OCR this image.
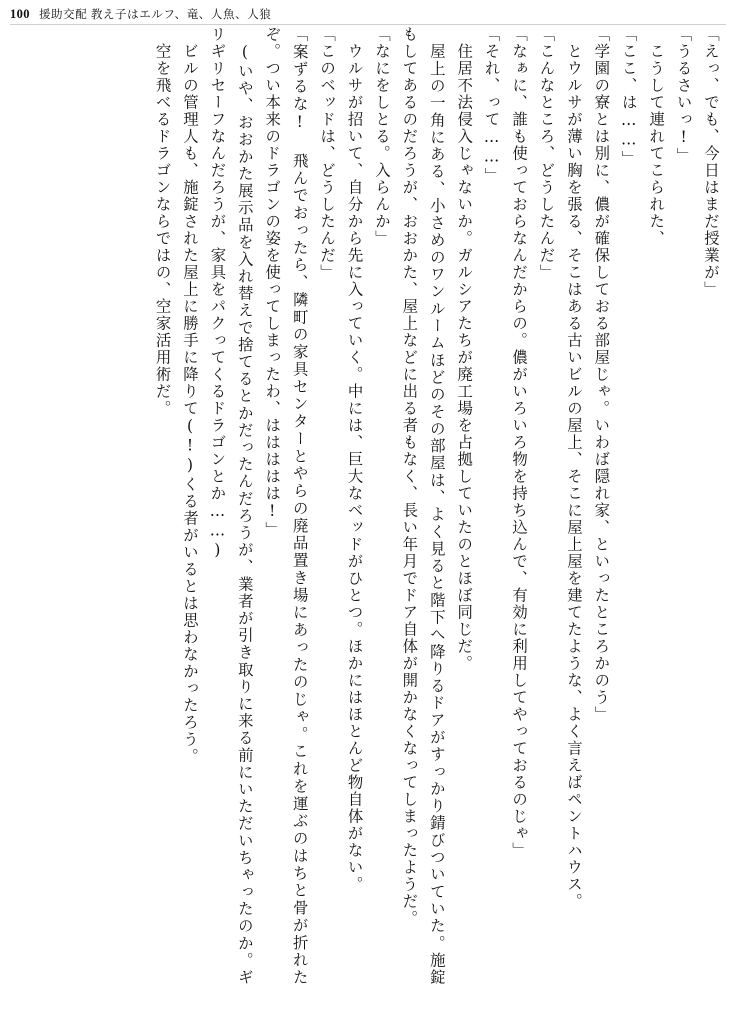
100 援助交配 教え子はエルフ、竜、人魚、人狼

「えっ、でも、今日はまだ授業が」

「うるさいっ!」

　こうして連れてこられた、

「ここ、は……」

「学園の寮とは別に、儂が確保しておる部屋じゃ。いわば隠れ家、といったところかのう」

　とウルサが薄い胸を張る、そこはある古いビルの屋上、そこに屋上屋を建てたような、よく言えばペントハウス。

「こんなところ、どうしたんだ」

「なぁに、誰も使っておらなんだからの。儂がいろいろ物を持ち込んで、有効に利用してやっておるのじゃ」

「それ、って……」

　住居不法侵入じゃないか。ガルシアたちが廃工場を占拠していたのとほぼ同じだ。

　屋上の一角にある、小さめのワンルームほどのその部屋は、よく見ると階下へ降りるドアがすっかり錆びついていた。施錠もしてあるのだろうが、おおかた、屋上などに出る者もなく、長い年月でドア自体が開かなくなってしまったようだ。

「なにをしとる。入らんか」

　ウルサが招いて、自分から先に入っていく。中には、巨大なベッドがひとつ。ほかにはほとんど物自体がない。

「このベッドは、どうしたんだ」

「案ずるな! 飛んでおったら、隣町の家具センターとやらの廃品置き場にあったのじゃ。これを運ぶのはちと骨が折れたぞ。つい本来のドラゴンの姿を使ってしまったわ、ははははは!」

　(いや、おおかた展示品を入れ替えで捨てるとかだったんだろうが、業者が引き取りに来る前にいただいちゃったのか。ギリギリセーフなんだろうが、家具をパクってくるドラゴンとか……)

　ビルの管理人も、施錠された屋上に勝手に降りて(!)くる者がいるとは思わなかったろう。

　空を飛べるドラゴンならではの、空家活用術だ。
